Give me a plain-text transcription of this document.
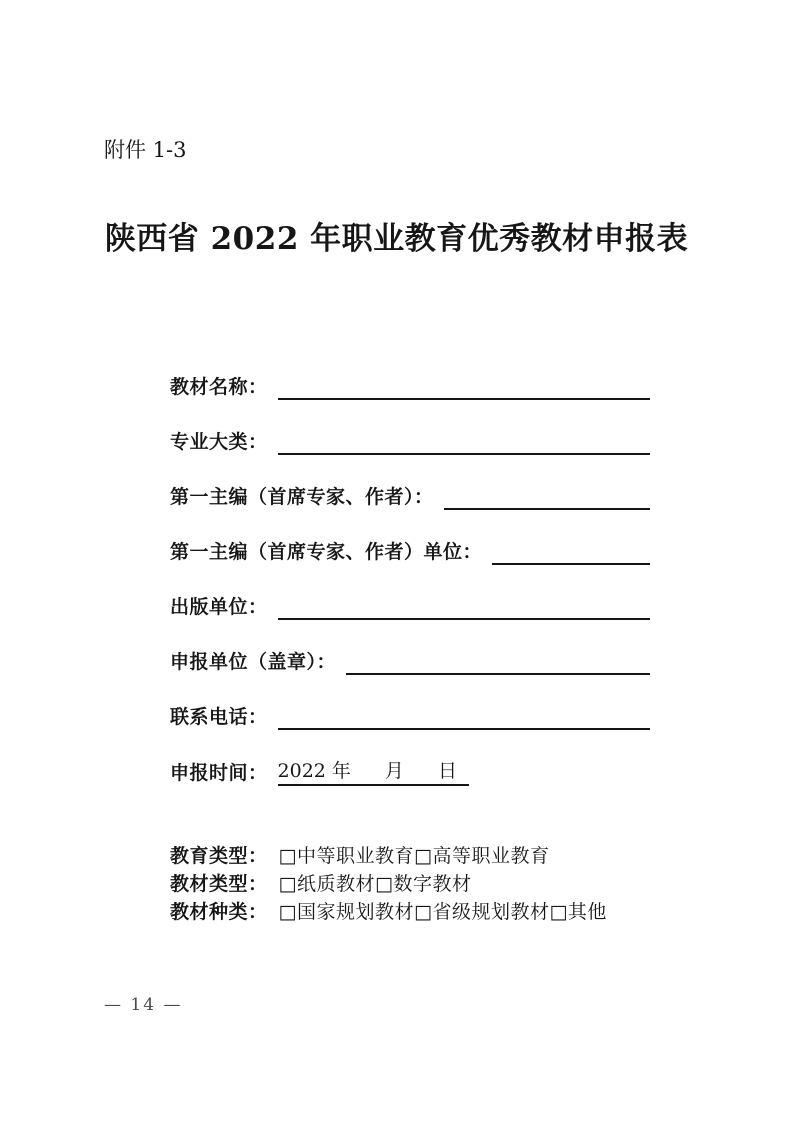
附件 1-3
陕西省 2022 年职业教育优秀教材申报表
教材名称：
专业大类：
第一主编（首席专家、作者）：
第一主编（首席专家、作者）单位：
出版单位：
申报单位（盖章）：
联系电话：
申报时间： 2022 年 月 日
教育类型： □中等职业教育□高等职业教育
教材类型： □纸质教材□数字教材
教材种类： □国家规划教材□省级规划教材□其他
— 14 —
